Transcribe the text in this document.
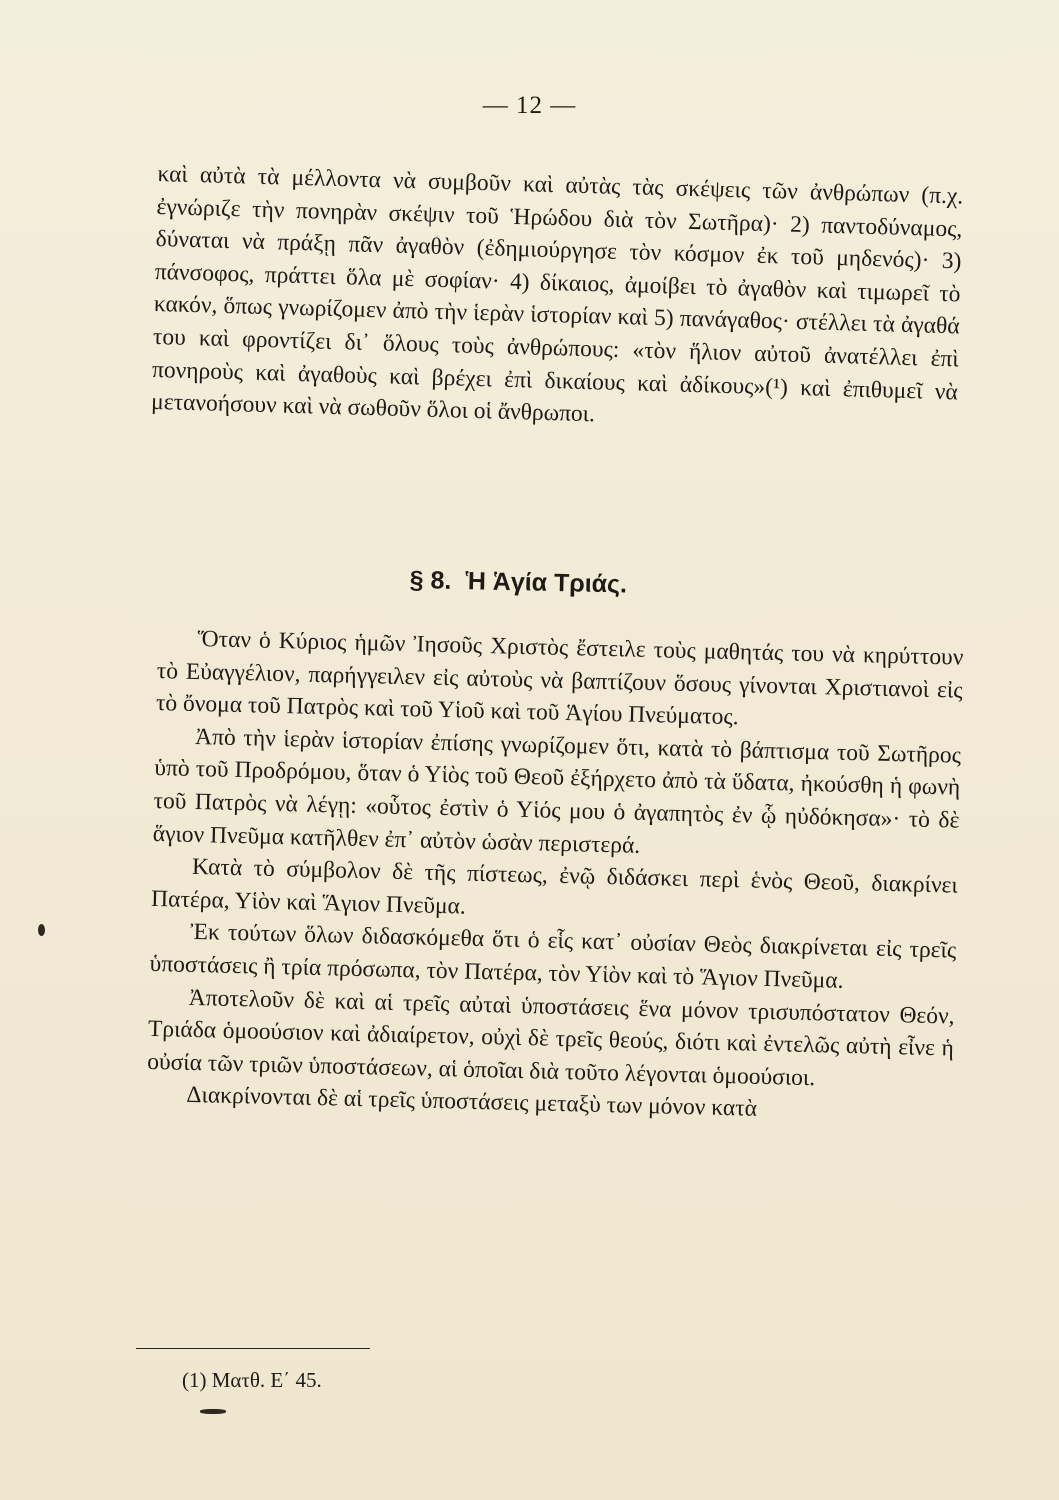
— 12 —

καὶ αὐτὰ τὰ μέλλοντα νὰ συμβοῦν καὶ αὐτὰς τὰς σκέψεις τῶν ἀνθρώπων (π.χ. ἐγνώριζε τὴν πονηρὰν σκέψιν τοῦ Ἡρώδου διὰ τὸν Σωτῆρα)· 2) παντοδύναμος, δύναται νὰ πράξῃ πᾶν ἀγαθὸν (ἐδημιούργησε τὸν κόσμον ἐκ τοῦ μηδενός)· 3) πάνσοφος, πράττει ὅλα μὲ σοφίαν· 4) δίκαιος, ἀμοίβει τὸ ἀγαθὸν καὶ τιμωρεῖ τὸ κακόν, ὅπως γνωρίζομεν ἀπὸ τὴν ἱερὰν ἱστορίαν καὶ 5) πανάγαθος· στέλλει τὰ ἀγαθά του καὶ φροντίζει δι᾿ ὅλους τοὺς ἀνθρώπους: «τὸν ἥλιον αὐτοῦ ἀνατέλλει ἐπὶ πονηροὺς καὶ ἀγαθοὺς καὶ βρέχει ἐπὶ δικαίους καὶ ἀδίκους»(¹) καὶ ἐπιθυμεῖ νὰ μετανοήσουν καὶ νὰ σωθοῦν ὅλοι οἱ ἄνθρωποι.

§ 8. Ἡ Ἁγία Τριάς.

Ὅταν ὁ Κύριος ἡμῶν Ἰησοῦς Χριστὸς ἔστειλε τοὺς μαθητάς του νὰ κηρύττουν τὸ Εὐαγγέλιον, παρήγγειλεν εἰς αὐτοὺς νὰ βαπτίζουν ὅσους γίνονται Χριστιανοὶ εἰς τὸ ὄνομα τοῦ Πατρὸς καὶ τοῦ Υἱοῦ καὶ τοῦ Ἁγίου Πνεύματος.

Ἀπὸ τὴν ἱερὰν ἱστορίαν ἐπίσης γνωρίζομεν ὅτι, κατὰ τὸ βάπτισμα τοῦ Σωτῆρος ὑπὸ τοῦ Προδρόμου, ὅταν ὁ Υἱὸς τοῦ Θεοῦ ἐξήρχετο ἀπὸ τὰ ὕδατα, ἠκούσθη ἡ φωνὴ τοῦ Πατρὸς νὰ λέγῃ: «οὗτος ἐστὶν ὁ Υἱός μου ὁ ἀγαπητὸς ἐν ᾧ ηὐδόκησα»· τὸ δὲ ἅγιον Πνεῦμα κατῆλθεν ἐπ᾿ αὐτὸν ὡσὰν περιστερά.

Κατὰ τὸ σύμβολον δὲ τῆς πίστεως, ἐνῷ διδάσκει περὶ ἑνὸς Θεοῦ, διακρίνει Πατέρα, Υἱὸν καὶ Ἅγιον Πνεῦμα.

Ἐκ τούτων ὅλων διδασκόμεθα ὅτι ὁ εἷς κατ᾿ οὐσίαν Θεὸς διακρίνεται εἰς τρεῖς ὑποστάσεις ἢ τρία πρόσωπα, τὸν Πατέρα, τὸν Υἱὸν καὶ τὸ Ἅγιον Πνεῦμα.

Ἀποτελοῦν δὲ καὶ αἱ τρεῖς αὐταὶ ὑποστάσεις ἕνα μόνον τρισυπόστατον Θεόν, Τριάδα ὁμοούσιον καὶ ἀδιαίρετον, οὐχὶ δὲ τρεῖς θεούς, διότι καὶ ἐντελῶς αὐτὴ εἶνε ἡ οὐσία τῶν τριῶν ὑποστάσεων, αἱ ὁποῖαι διὰ τοῦτο λέγονται ὁμοούσιοι.

Διακρίνονται δὲ αἱ τρεῖς ὑποστάσεις μεταξὺ των μόνον κατὰ

(1) Ματθ. Ε΄ 45.
